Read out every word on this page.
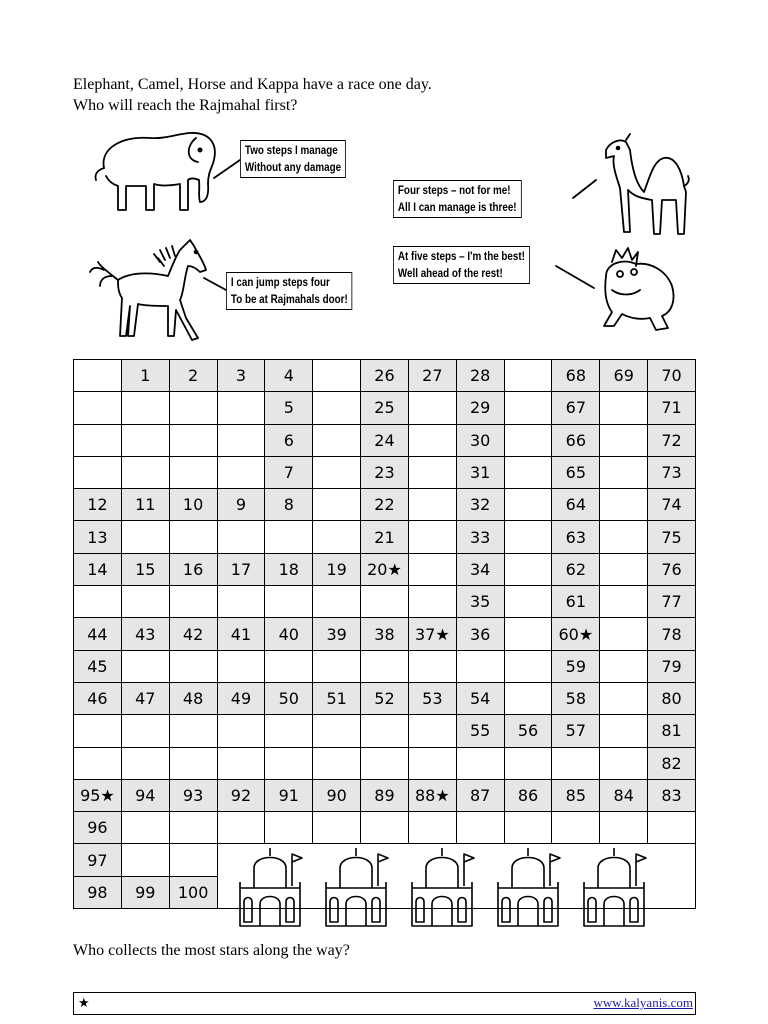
Elephant, Camel, Horse and Kappa have a race one day.
Who will reach the Rajmahal first?
Two steps I manage
Without any damage
Four steps – not for me!
All I can manage is three!
I can jump steps four
To be at Rajmahals door!
At five steps – I'm the best!
Well ahead of the rest!
	1	2	3	4		26	27	28		68	69	70
				5		25		29		67		71
				6		24		30		66		72
				7		23		31		65		73
12	11	10	9	8		22		32		64		74
13						21		33		63		75
14	15	16	17	18	19	20★		34		62		76
								35		61		77
44	43	42	41	40	39	38	37★	36		60★		78
45										59		79
46	47	48	49	50	51	52	53	54		58		80
								55	56	57		81
												82
95★	94	93	92	91	90	89	88★	87	86	85	84	83
96												
97												
98	99	100										
Who collects the most stars along the way?
★	www.kalyanis.com
